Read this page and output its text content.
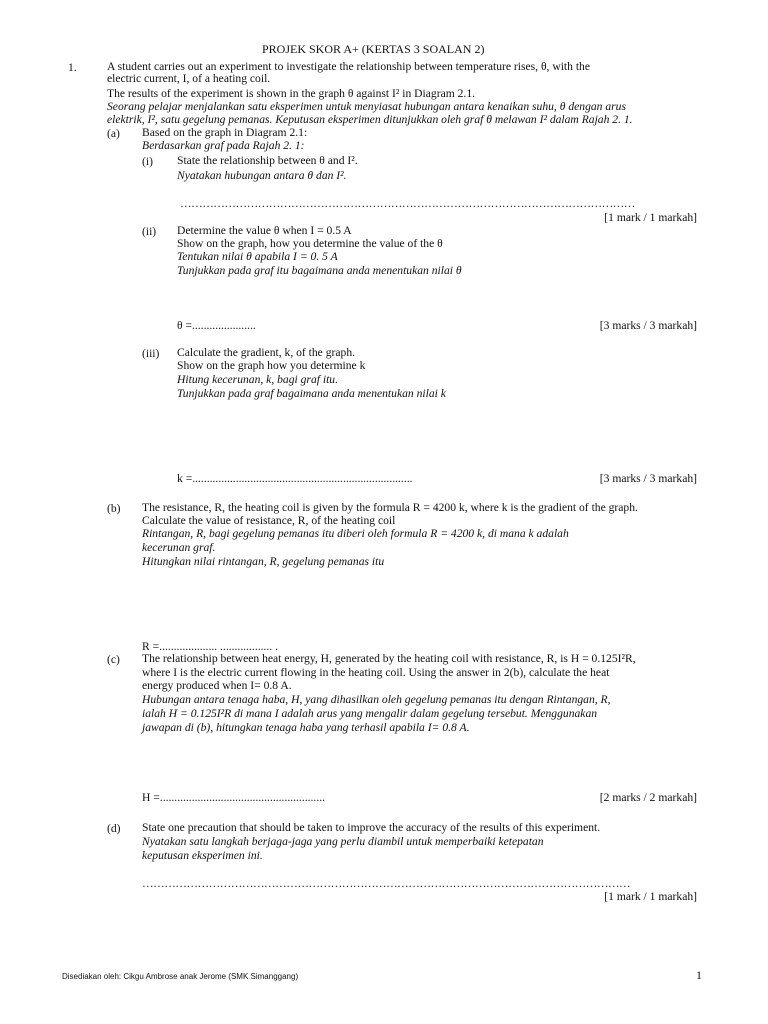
PROJEK SKOR A+ (KERTAS 3 SOALAN 2)
1.	A student carries out an experiment to investigate the relationship between temperature rises, θ, with the
electric current, I, of a heating coil.
The results of the experiment is shown in the graph θ against I² in Diagram 2.1.
Seorang pelajar menjalankan satu eksperimen untuk menyiasat hubungan antara kenaikan suhu, θ dengan arus
elektrik, I², satu gegelung pemanas. Keputusan eksperimen ditunjukkan oleh graf θ melawan I² dalam Rajah 2. 1.
(a) Based on the graph in Diagram 2.1:
Berdasarkan graf pada Rajah 2. 1:
(i) State the relationship between θ and I².
Nyatakan hubungan antara θ dan I².
……………………………………………………………………………………………………………
[1 mark / 1 markah]
(ii) Determine the value θ when I = 0.5 A
Show on the graph, how you determine the value of the θ
Tentukan nilai θ apabila I = 0. 5 A
Tunjukkan pada graf itu bagaimana anda menentukan nilai θ
θ =......................	[3 marks / 3 markah]
(iii) Calculate the gradient, k, of the graph.
Show on the graph how you determine k
Hitung kecerunan, k, bagi graf itu.
Tunjukkan pada graf bagaimana anda menentukan nilai k
k =............................................................................	[3 marks / 3 markah]
(b) The resistance, R, the heating coil is given by the formula R = 4200 k, where k is the gradient of the graph.
Calculate the value of resistance, R, of the heating coil
Rintangan, R, bagi gegelung pemanas itu diberi oleh formula R = 4200 k, di mana k adalah
kecerunan graf.
Hitungkan nilai rintangan, R, gegelung pemanas itu
R =.................... .................. .
(c) The relationship between heat energy, H, generated by the heating coil with resistance, R, is H = 0.125I²R,
where I is the electric current flowing in the heating coil. Using the answer in 2(b), calculate the heat
energy produced when I= 0.8 A.
Hubungan antara tenaga haba, H, yang dihasilkan oleh gegelung pemanas itu dengan Rintangan, R,
ialah H = 0.125I²R di mana I adalah arus yang mengalir dalam gegelung tersebut. Menggunakan
jawapan di (b), hitungkan tenaga haba yang terhasil apabila I= 0.8 A.
H =.........................................................	[2 marks / 2 markah]
(d) State one precaution that should be taken to improve the accuracy of the results of this experiment.
Nyatakan satu langkah berjaga-jaga yang perlu diambil untuk memperbaiki ketepatan
keputusan eksperimen ini.
……………………………………………………………………………………………………………………
[1 mark / 1 markah]
Disediakan oleh: Cikgu Ambrose anak Jerome (SMK Simanggang)	1
